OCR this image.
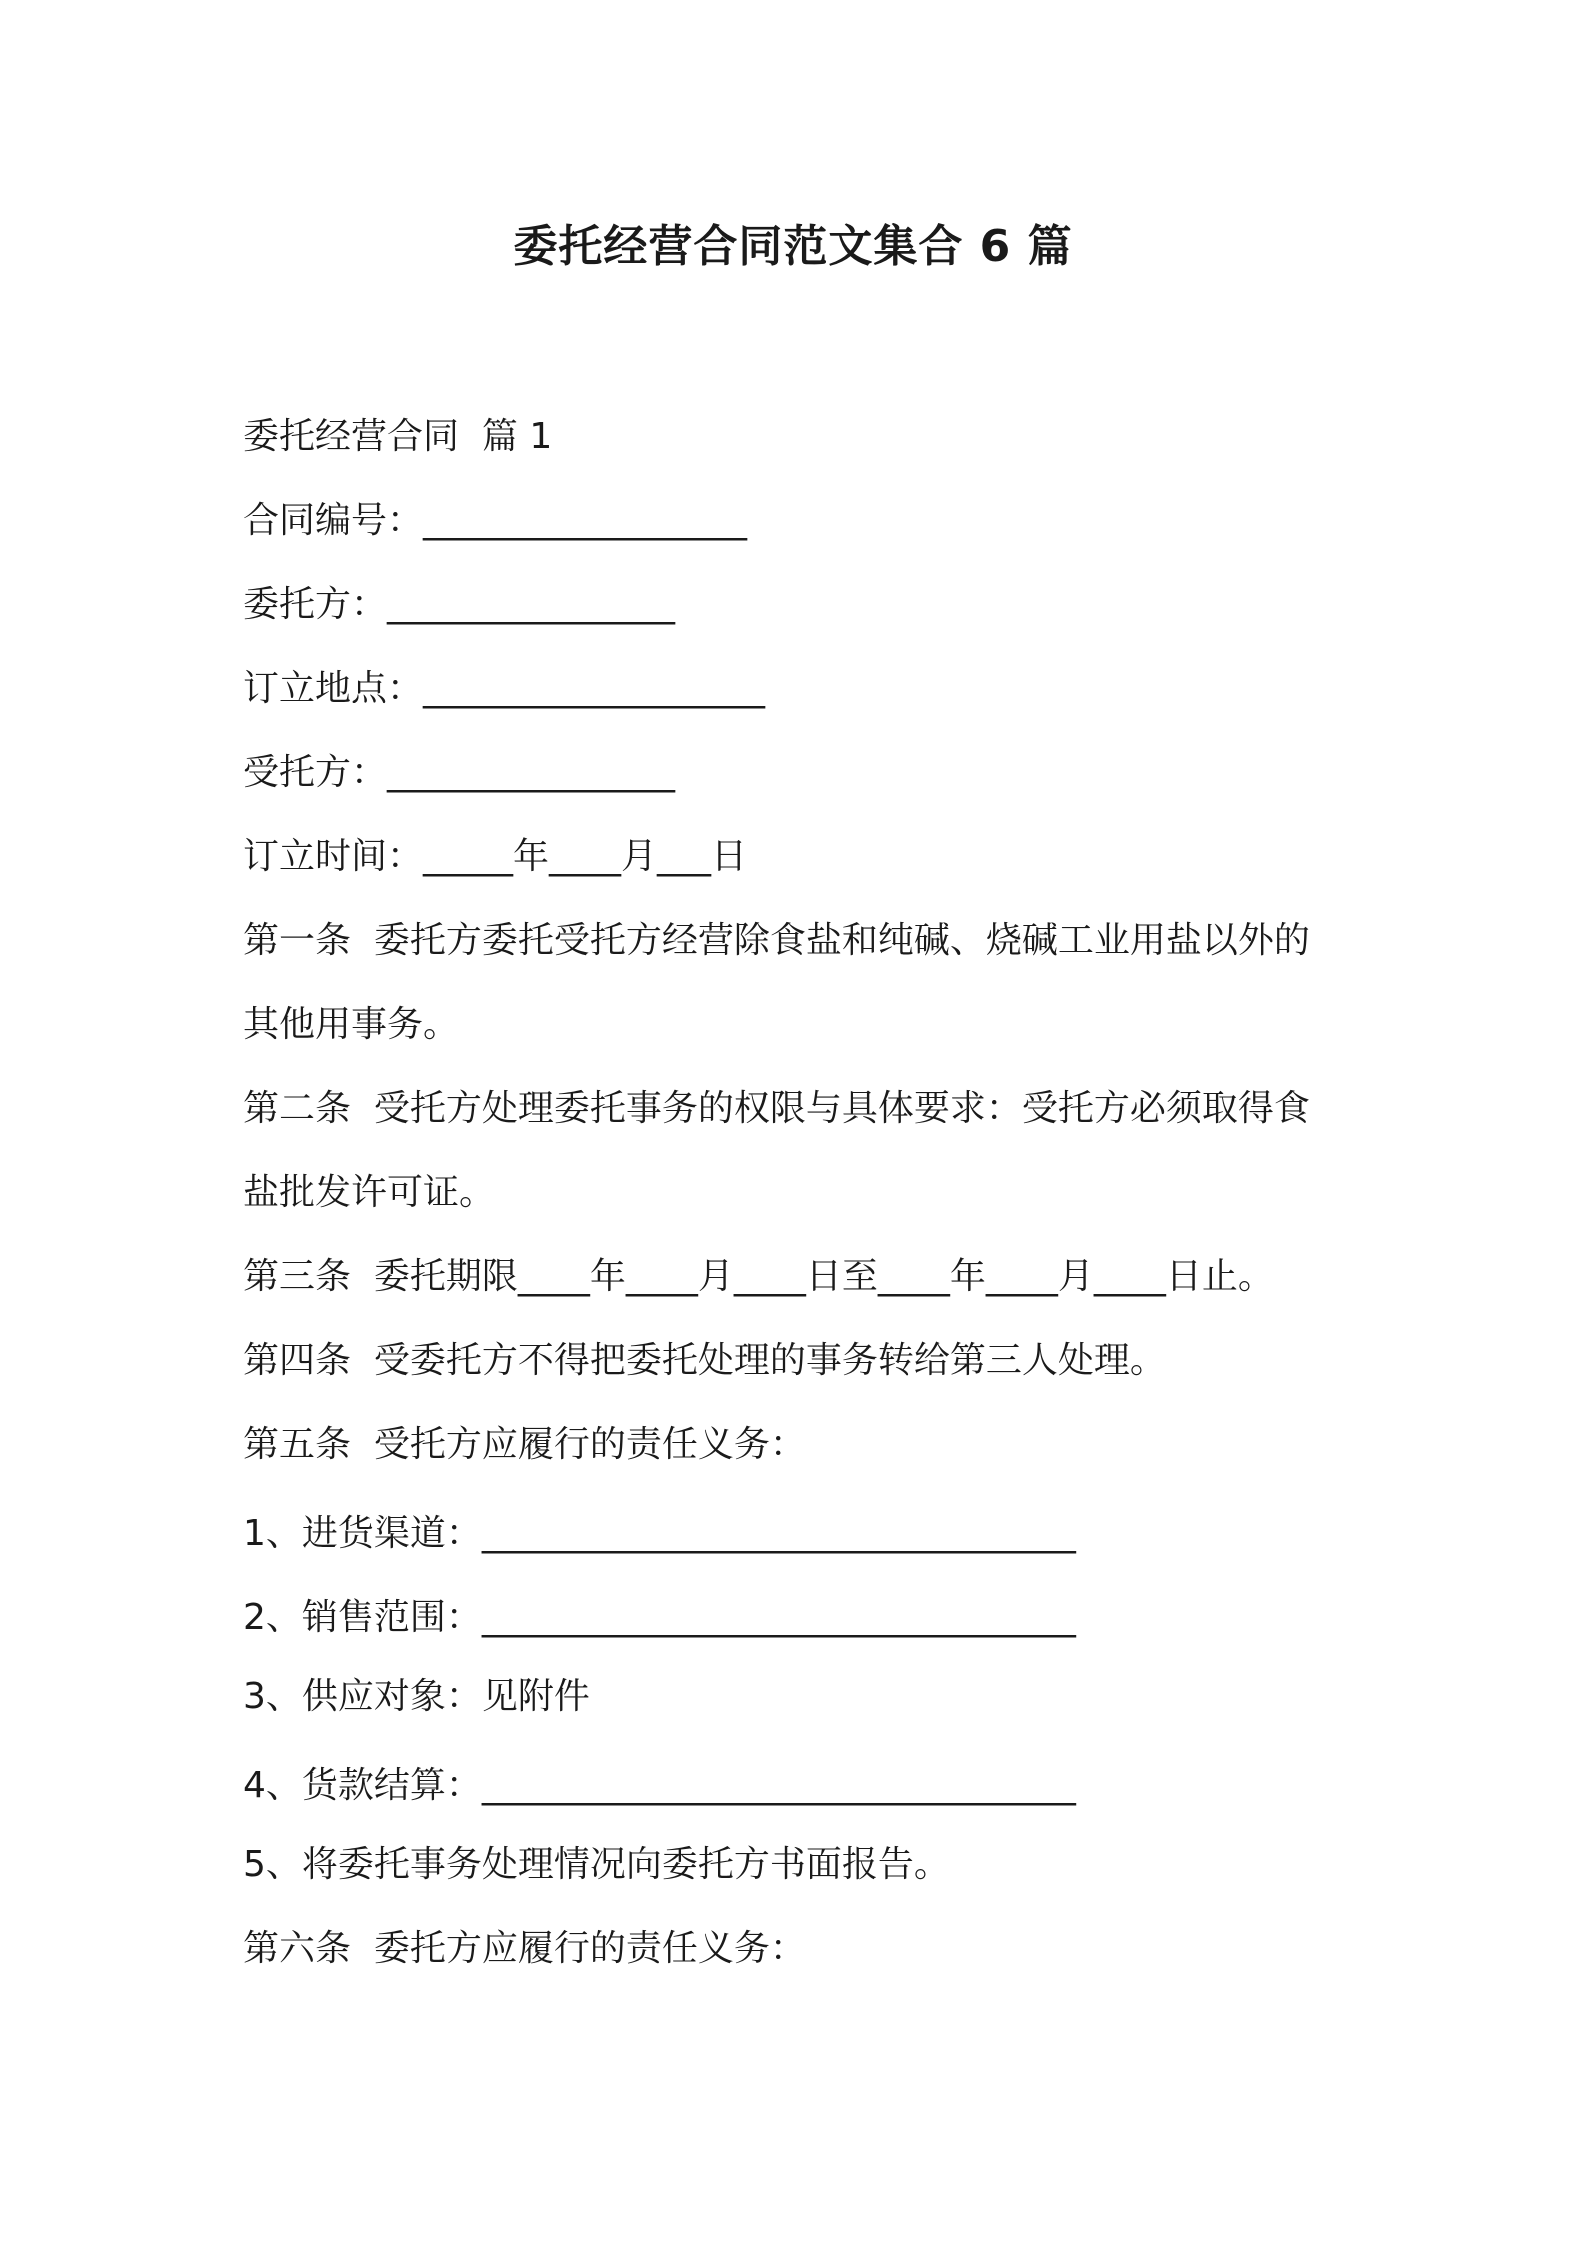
委托经营合同范文集合 6 篇

委托经营合同  篇 1

合同编号：__________________

委托方：________________

订立地点：___________________

受托方：________________

订立时间：_____年____月___日

第一条  委托方委托受托方经营除食盐和纯碱、烧碱工业用盐以外的

其他用事务。

第二条  受托方处理委托事务的权限与具体要求：受托方必须取得食

盐批发许可证。

第三条  委托期限____年____月____日至____年____月____日止。

第四条  受委托方不得把委托处理的事务转给第三人处理。

第五条  受托方应履行的责任义务：

1、进货渠道：_________________________________

2、销售范围：_________________________________

3、供应对象：见附件

4、货款结算：_________________________________

5、将委托事务处理情况向委托方书面报告。

第六条  委托方应履行的责任义务：
